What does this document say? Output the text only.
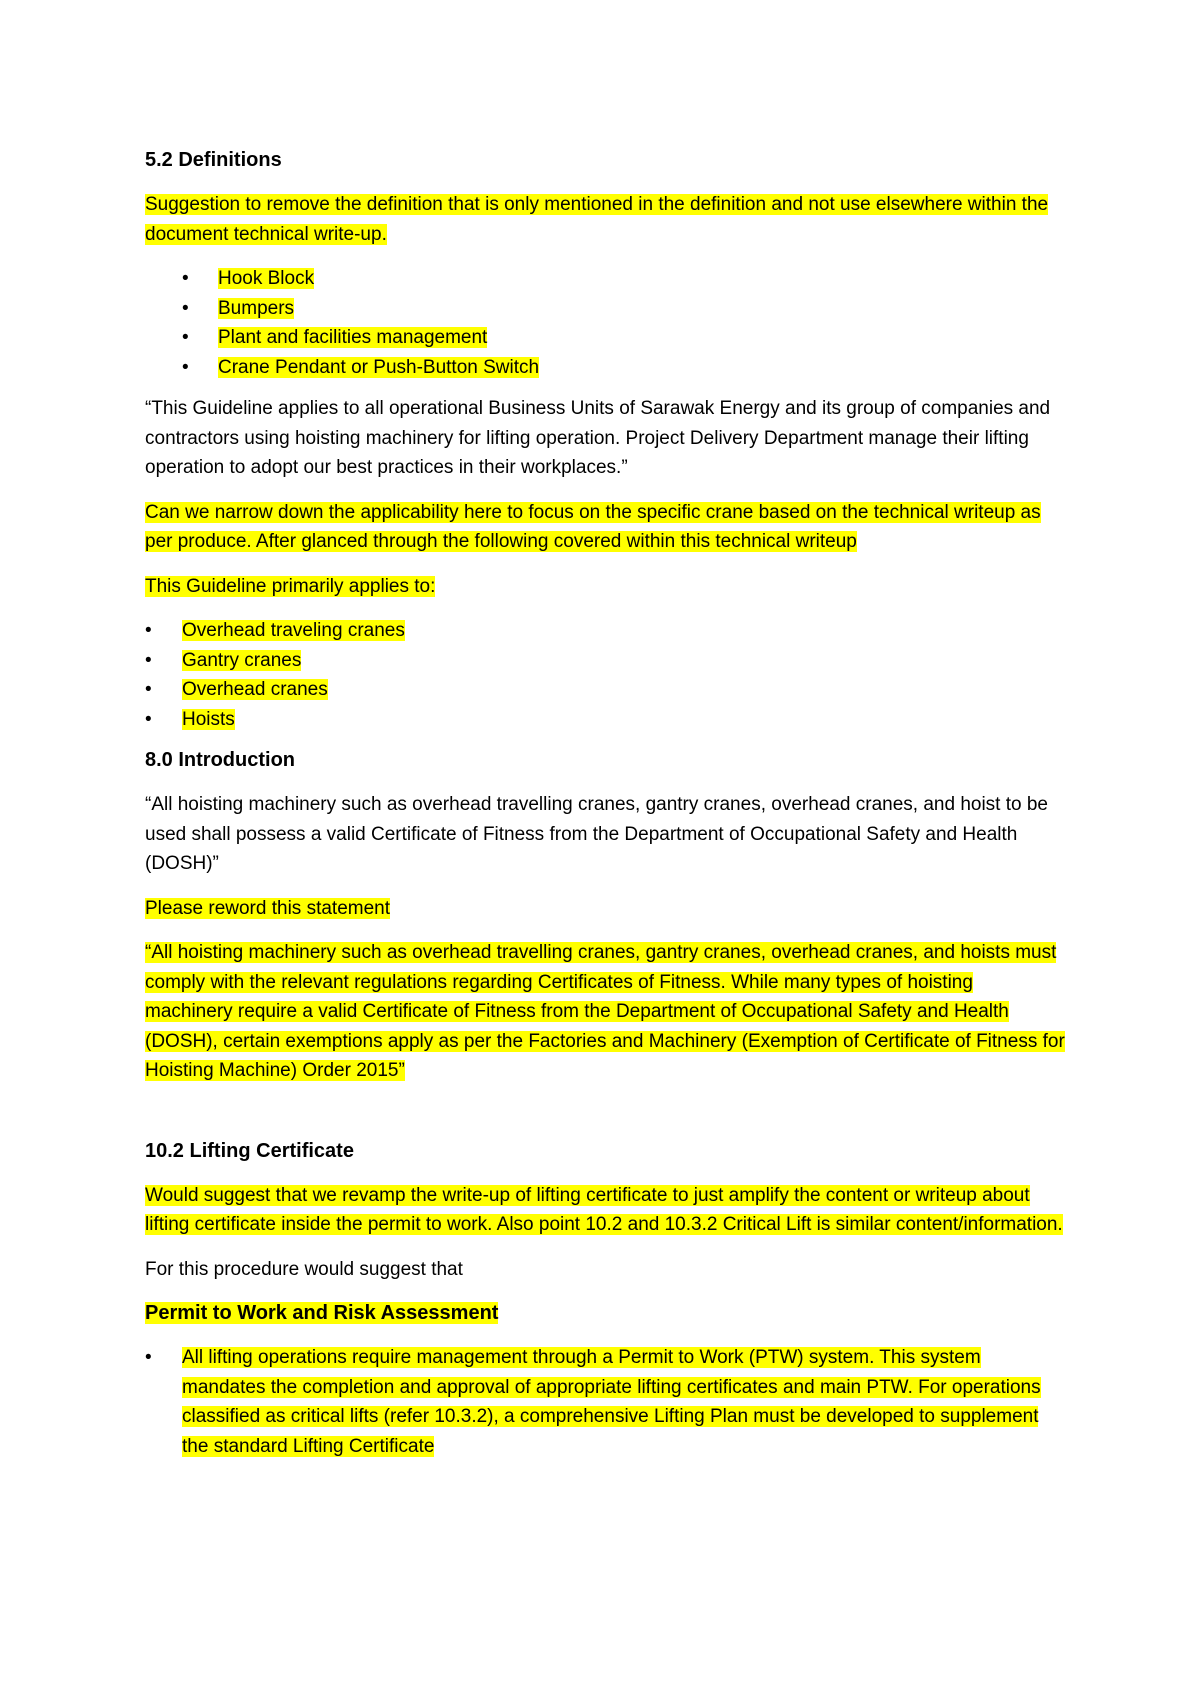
5.2 Definitions

Suggestion to remove the definition that is only mentioned in the definition and not use elsewhere within the document technical write-up.

• Hook Block
• Bumpers
• Plant and facilities management
• Crane Pendant or Push-Button Switch

“This Guideline applies to all operational Business Units of Sarawak Energy and its group of companies and contractors using hoisting machinery for lifting operation. Project Delivery Department manage their lifting operation to adopt our best practices in their workplaces.”

Can we narrow down the applicability here to focus on the specific crane based on the technical writeup as per produce. After glanced through the following covered within this technical writeup

This Guideline primarily applies to:

• Overhead traveling cranes
• Gantry cranes
• Overhead cranes
• Hoists
8.0 Introduction

“All hoisting machinery such as overhead travelling cranes, gantry cranes, overhead cranes, and hoist to be used shall possess a valid Certificate of Fitness from the Department of Occupational Safety and Health (DOSH)”

Please reword this statement

“All hoisting machinery such as overhead travelling cranes, gantry cranes, overhead cranes, and hoists must comply with the relevant regulations regarding Certificates of Fitness. While many types of hoisting machinery require a valid Certificate of Fitness from the Department of Occupational Safety and Health (DOSH), certain exemptions apply as per the Factories and Machinery (Exemption of Certificate of Fitness for Hoisting Machine) Order 2015”

10.2 Lifting Certificate

Would suggest that we revamp the write-up of lifting certificate to just amplify the content or writeup about lifting certificate inside the permit to work. Also point 10.2 and 10.3.2 Critical Lift is similar content/information.

For this procedure would suggest that

Permit to Work and Risk Assessment
• All lifting operations require management through a Permit to Work (PTW) system. This system mandates the completion and approval of appropriate lifting certificates and main PTW. For operations classified as critical lifts (refer 10.3.2), a comprehensive Lifting Plan must be developed to supplement the standard Lifting Certificate
